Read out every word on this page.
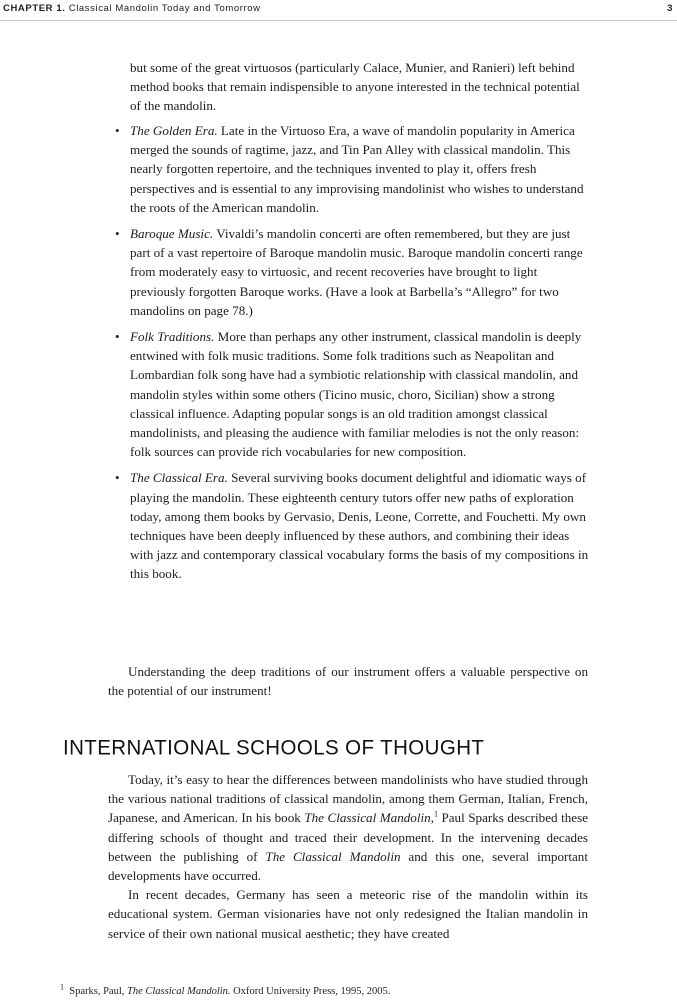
CHAPTER 1. Classical Mandolin Today and Tomorrow	3

but some of the great virtuosos (particularly Calace, Munier, and Ranieri) left behind method books that remain indispensible to anyone interested in the technical potential of the mandolin.

• The Golden Era. Late in the Virtuoso Era, a wave of mandolin popularity in America merged the sounds of ragtime, jazz, and Tin Pan Alley with classical mandolin. This nearly forgotten repertoire, and the techniques invented to play it, offers fresh perspectives and is essential to any improvising mandolinist who wishes to understand the roots of the American mandolin.
• Baroque Music. Vivaldi’s mandolin concerti are often remembered, but they are just part of a vast repertoire of Baroque mandolin music. Baroque mandolin concerti range from moderately easy to virtuosic, and recent recoveries have brought to light previously forgotten Baroque works. (Have a look at Barbella’s “Allegro” for two mandolins on page 78.)
• Folk Traditions. More than perhaps any other instrument, classical mandolin is deeply entwined with folk music traditions. Some folk traditions such as Neapolitan and Lombardian folk song have had a symbiotic relationship with classical mandolin, and mandolin styles within some others (Ticino music, choro, Sicilian) show a strong classical influence. Adapting popular songs is an old tradition amongst classical mandolinists, and pleasing the audience with familiar melodies is not the only reason: folk sources can provide rich vocabularies for new composition.
• The Classical Era. Several surviving books document delightful and idiomatic ways of playing the mandolin. These eighteenth century tutors offer new paths of exploration today, among them books by Gervasio, Denis, Leone, Corrette, and Fouchetti. My own techniques have been deeply influenced by these authors, and combining their ideas with jazz and contemporary classical vocabulary forms the basis of my compositions in this book.

Understanding the deep traditions of our instrument offers a valuable perspective on the potential of our instrument!

INTERNATIONAL SCHOOLS OF THOUGHT

Today, it’s easy to hear the differences between mandolinists who have studied through the various national traditions of classical mandolin, among them German, Italian, French, Japanese, and American. In his book The Classical Mandolin,$^1$ Paul Sparks described these differing schools of thought and traced their development. In the intervening decades between the publishing of The Classical Mandolin and this one, several important developments have occurred.

In recent decades, Germany has seen a meteoric rise of the mandolin within its educational system. German visionaries have not only redesigned the Italian mandolin in service of their own national musical aesthetic; they have created

$^1$ Sparks, Paul, The Classical Mandolin. Oxford University Press, 1995, 2005.
